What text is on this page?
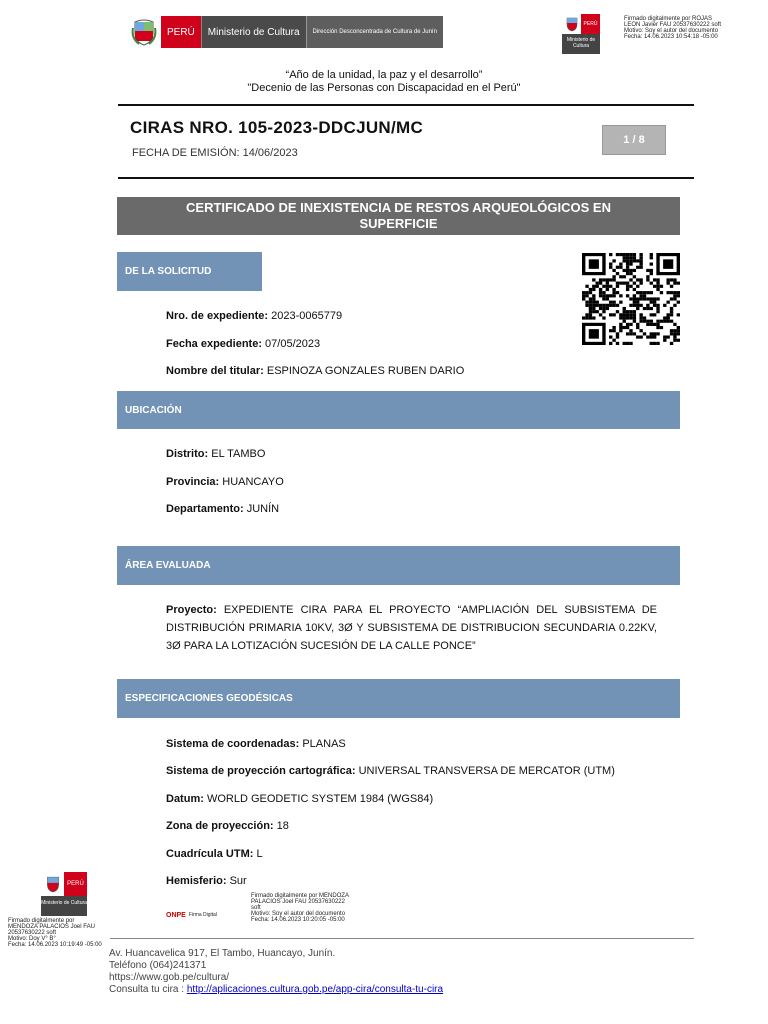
PERÚ	Ministerio de Cultura	Dirección Desconcentrada de Cultura de Junín
PERÚ
Ministerio de Cultura
Firmado digitalmente por ROJAS
LEON Javier FAU 20537630222 soft
Motivo: Soy el autor del documento
Fecha: 14.06.2023 10:54:18 -05:00
“Año de la unidad, la paz y el desarrollo”
"Decenio de las Personas con Discapacidad en el Perú"
CIRAS NRO. 105-2023-DDCJUN/MC
FECHA DE EMISIÓN: 14/06/2023
1 / 8
CERTIFICADO DE INEXISTENCIA DE RESTOS ARQUEOLÓGICOS EN
SUPERFICIE
DE LA SOLICITUD
Nro. de expediente: 2023-0065779
Fecha expediente: 07/05/2023
Nombre del titular: ESPINOZA GONZALES RUBEN DARIO
UBICACIÓN
Distrito: EL TAMBO
Provincia: HUANCAYO
Departamento: JUNÍN
ÁREA EVALUADA
Proyecto: EXPEDIENTE CIRA PARA EL PROYECTO “AMPLIACIÓN DEL SUBSISTEMA DE DISTRIBUCIÓN PRIMARIA 10KV, 3Ø Y SUBSISTEMA DE DISTRIBUCION SECUNDARIA 0.22KV, 3Ø PARA LA LOTIZACIÓN SUCESIÓN DE LA CALLE PONCE”
ESPECIFICACIONES GEODÉSICAS
Sistema de coordenadas: PLANAS
Sistema de proyección cartográfica: UNIVERSAL TRANSVERSA DE MERCATOR (UTM)
Datum: WORLD GEODETIC SYSTEM 1984 (WGS84)
Zona de proyección: 18
Cuadrícula UTM: L
Hemisferio: Sur
PERÚ
Ministerio de Cultura
Firmado digitalmente por
MENDOZA PALACIOS Joel FAU
20537630222 soft
Motivo: Doy V° B°
Fecha: 14.06.2023 10:19:49 -05:00
ONPE Firma Digital
Firmado digitalmente por MENDOZA
PALACIOS Joel FAU 20537630222
soft
Motivo: Soy el autor del documento
Fecha: 14.06.2023 10:20:05 -05:00
Av. Huancavelica 917, El Tambo, Huancayo, Junín.
Teléfono (064)241371
https://www.gob.pe/cultura/
Consulta tu cira : http://aplicaciones.cultura.gob.pe/app-cira/consulta-tu-cira
